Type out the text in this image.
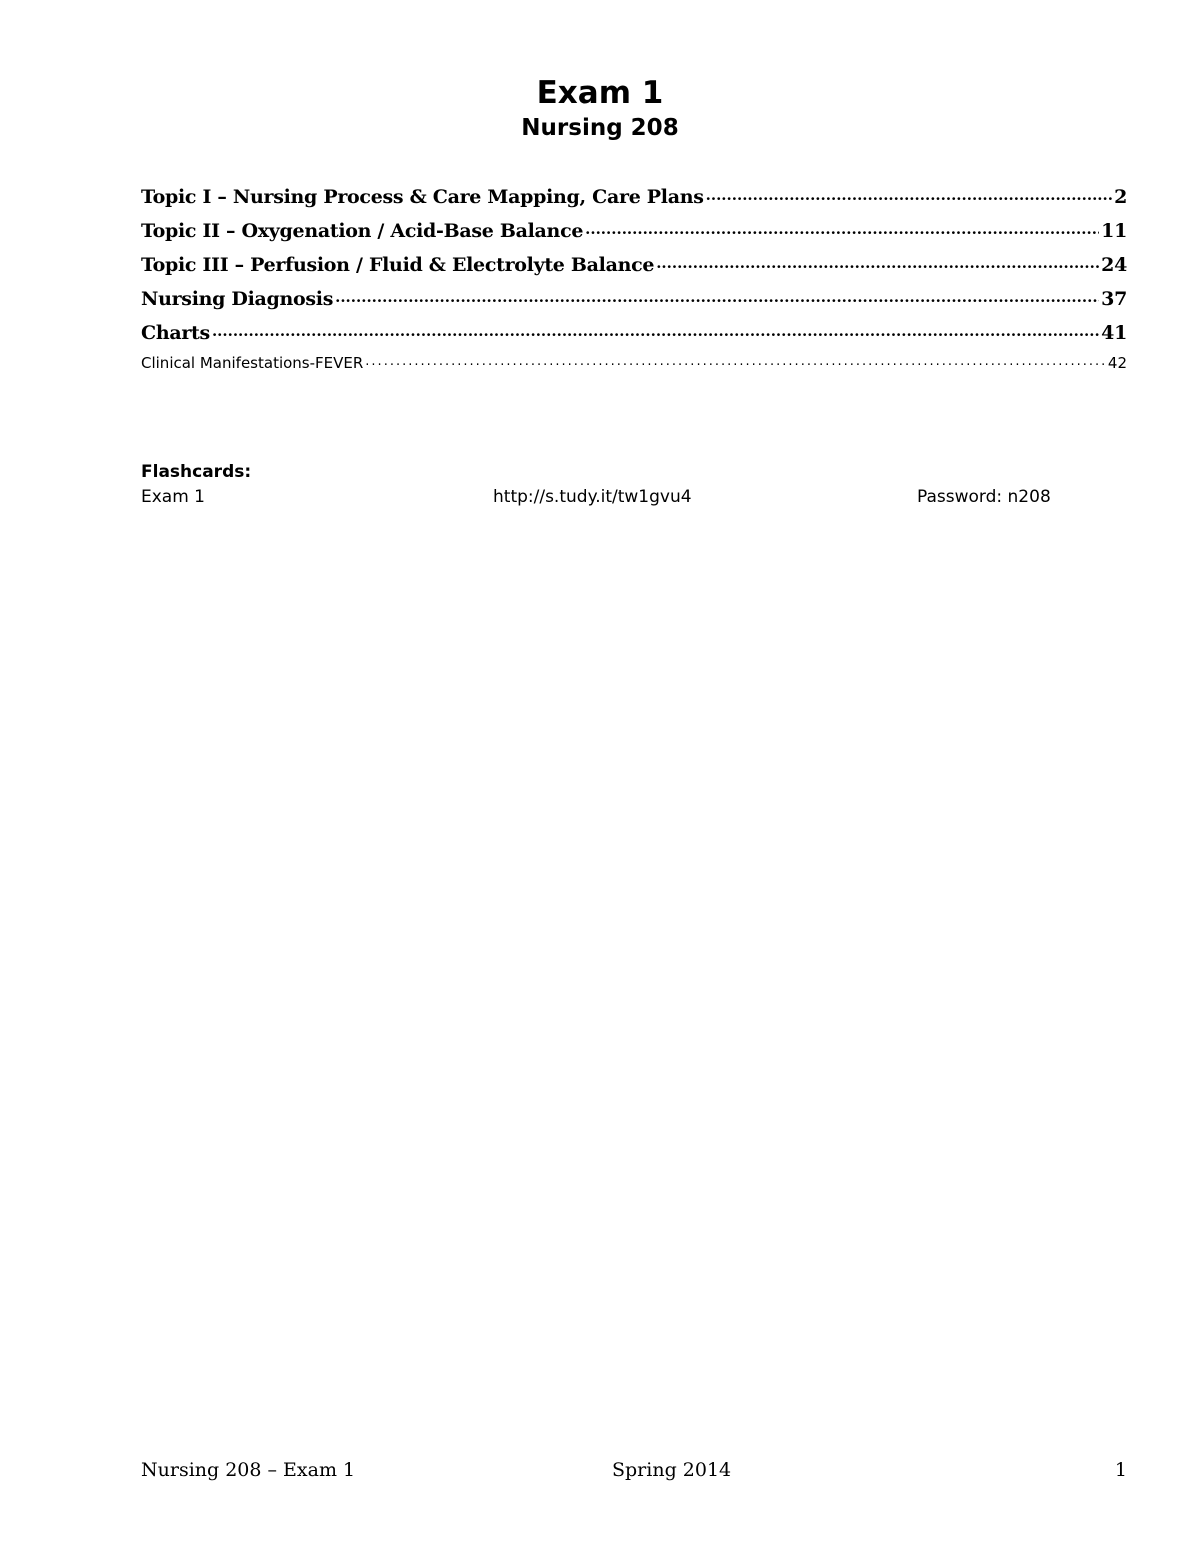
Exam 1
Nursing 208
Topic I – Nursing Process & Care Mapping, Care Plans .....	2
Topic II – Oxygenation / Acid-Base Balance .....	11
Topic III – Perfusion / Fluid & Electrolyte Balance .....	24
Nursing Diagnosis .....	37
Charts .....	41
Clinical Manifestations-FEVER .....	42

Flashcards:

Exam 1	http://s.tudy.it/tw1gvu4	Password: n208
Nursing 208 – Exam 1	Spring 2014	1
